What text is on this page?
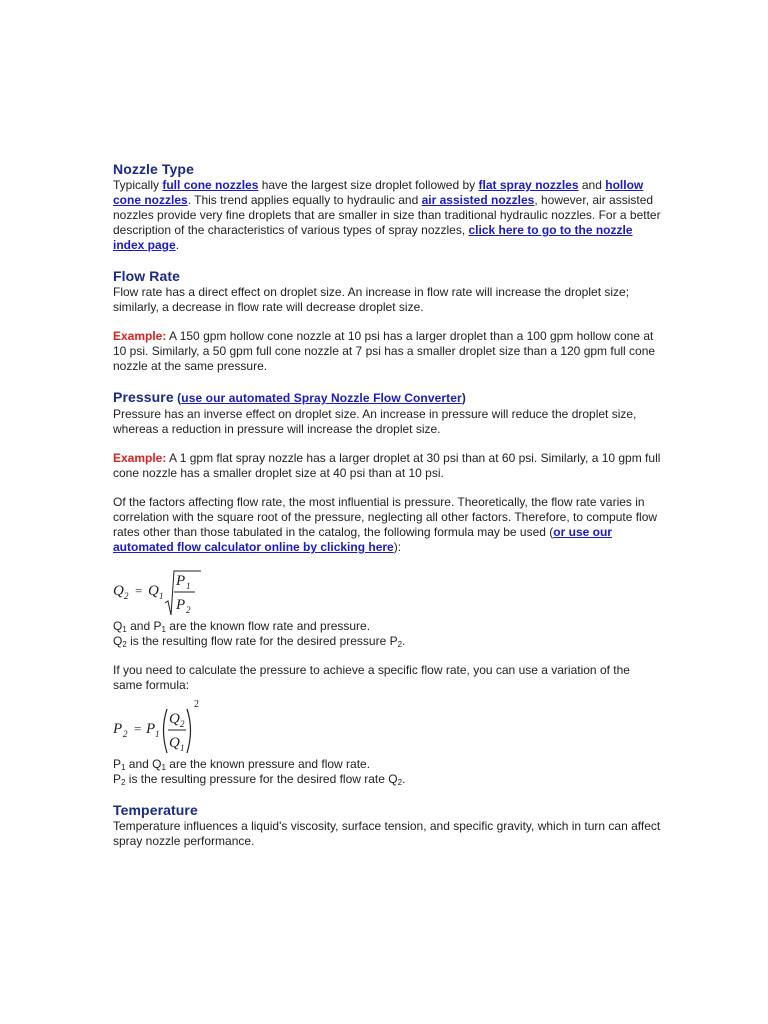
Nozzle Type

Typically full cone nozzles have the largest size droplet followed by flat spray nozzles and hollow cone nozzles. This trend applies equally to hydraulic and air assisted nozzles, however, air assisted nozzles provide very fine droplets that are smaller in size than traditional hydraulic nozzles. For a better description of the characteristics of various types of spray nozzles, click here to go to the nozzle index page.

Flow Rate

Flow rate has a direct effect on droplet size. An increase in flow rate will increase the droplet size; similarly, a decrease in flow rate will decrease droplet size.

Example: A 150 gpm hollow cone nozzle at 10 psi has a larger droplet than a 100 gpm hollow cone at 10 psi. Similarly, a 50 gpm full cone nozzle at 7 psi has a smaller droplet size than a 120 gpm full cone nozzle at the same pressure.

Pressure (use our automated Spray Nozzle Flow Converter)

Pressure has an inverse effect on droplet size. An increase in pressure will reduce the droplet size, whereas a reduction in pressure will increase the droplet size.

Example: A 1 gpm flat spray nozzle has a larger droplet at 30 psi than at 60 psi. Similarly, a 10 gpm full cone nozzle has a smaller droplet size at 40 psi than at 10 psi.

Of the factors affecting flow rate, the most influential is pressure. Theoretically, the flow rate varies in correlation with the square root of the pressure, neglecting all other factors. Therefore, to compute flow rates other than those tabulated in the catalog, the following formula may be used (or use our automated flow calculator online by clicking here):

Q 2 = Q 1
P 1
P 2

$Q_1$ and $P_1$ are the known flow rate and pressure.

$Q_2$ is the resulting flow rate for the desired pressure $P_2$.

If you need to calculate the pressure to achieve a specific flow rate, you can use a variation of the same formula:

P 2 = P 1
Q 2
Q 1
2

$P_1$ and $Q_1$ are the known pressure and flow rate.

$P_2$ is the resulting pressure for the desired flow rate $Q_2$.

Temperature

Temperature influences a liquid's viscosity, surface tension, and specific gravity, which in turn can affect spray nozzle performance.
